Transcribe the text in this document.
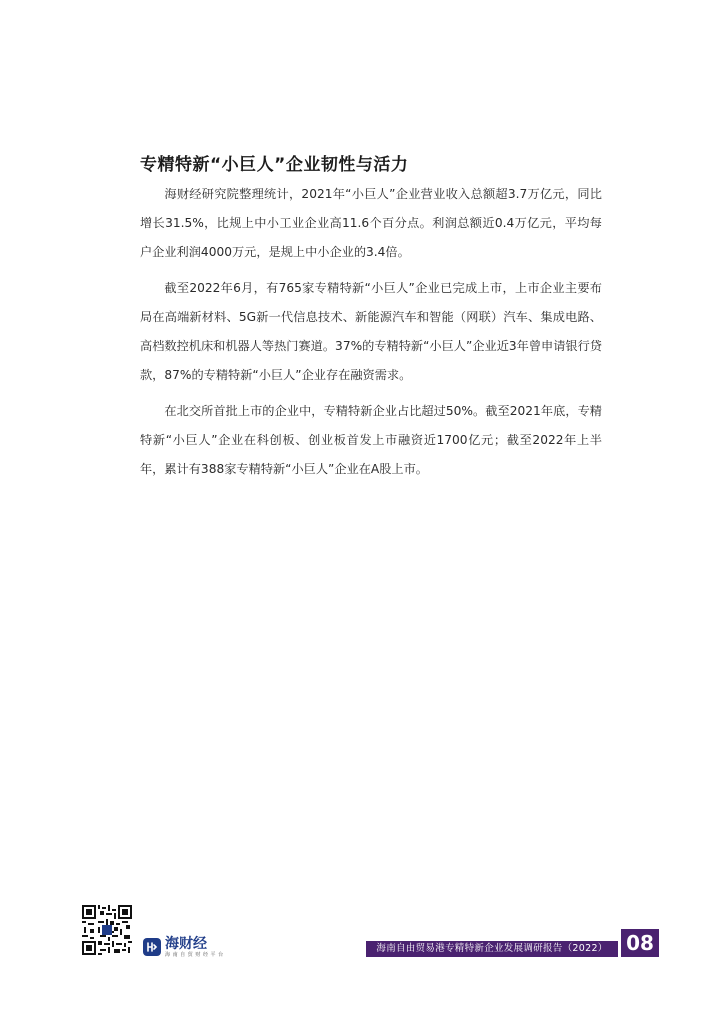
专精特新“小巨人”企业韧性与活力

海财经研究院整理统计，2021年“小巨人”企业营业收入总额超3.7万亿元，同比增长31.5%，比规上中小工业企业高11.6个百分点。利润总额近0.4万亿元，平均每户企业利润4000万元，是规上中小企业的3.4倍。

截至2022年6月，有765家专精特新“小巨人”企业已完成上市，上市企业主要布局在高端新材料、5G新一代信息技术、新能源汽车和智能（网联）汽车、集成电路、高档数控机床和机器人等热门赛道。37%的专精特新“小巨人”企业近3年曾申请银行贷款，87%的专精特新“小巨人”企业存在融资需求。

在北交所首批上市的企业中，专精特新企业占比超过50%。截至2021年底，专精特新“小巨人”企业在科创板、创业板首发上市融资近1700亿元；截至2022年上半年，累计有388家专精特新“小巨人”企业在A股上市。

海财经
海 南 自 贸 财 经 平 台
海南自由贸易港专精特新企业发展调研报告（2022） 08
